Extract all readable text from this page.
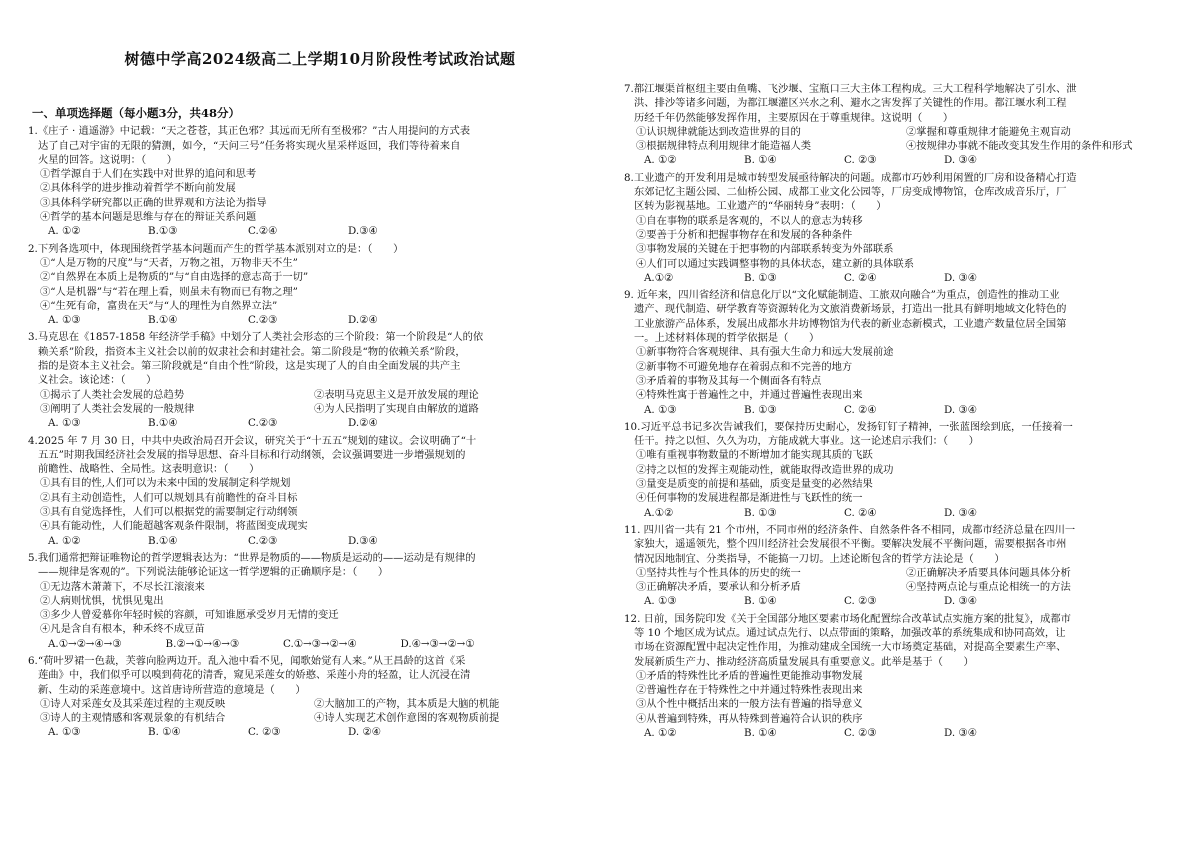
树德中学高2024级高二上学期10月阶段性考试政治试题
一、单项选择题（每小题3分，共48分）
1.《庄子 · 逍遥游》中记载：“天之苍苍，其正色邪？其远而无所有至极邪？”古人用提问的方式表
达了自己对宇宙的无限的猜测，如今，“天问三号”任务将实现火星采样返回，我们等待着来自
火星的回答。这说明：（　　）
①哲学源自于人们在实践中对世界的追问和思考
②具体科学的进步推动着哲学不断向前发展
③具体科学研究都以正确的世界观和方法论为指导
④哲学的基本问题是思维与存在的辩证关系问题
A. ①②	B.①③	C.②④	D.③④
2.下列各选项中，体现围绕哲学基本问题而产生的哲学基本派别对立的是：（　　）
①“人是万物的尺度”与“天者，万物之祖，万物非天不生”
②“自然界在本质上是物质的”与“自由选择的意志高于一切”
③“人是机器”与“若在理上看，则虽未有物而已有物之理”
④“生死有命，富贵在天”与“人的理性为自然界立法”
A. ①③	B.①④	C.②③	D.②④
3.马克思在《1857-1858 年经济学手稿》中划分了人类社会形态的三个阶段：第一个阶段是“人的依
赖关系”阶段，指资本主义社会以前的奴隶社会和封建社会。第二阶段是“物的依赖关系”阶段，
指的是资本主义社会。第三阶段就是“自由个性”阶段，这是实现了人的自由全面发展的共产主
义社会。该论述：（　　）
①揭示了人类社会发展的总趋势	②表明马克思主义是开放发展的理论
③阐明了人类社会发展的一般规律	④为人民指明了实现自由解放的道路
A. ①③	B.①④	C.②③	D.②④
4.2025 年 7 月 30 日，中共中央政治局召开会议，研究关于“十五五”规划的建议。会议明确了“十
五五”时期我国经济社会发展的指导思想、奋斗目标和行动纲领，会议强调要进一步增强规划的
前瞻性、战略性、全局性。这表明意识：（　　）
①具有目的性,人们可以为未来中国的发展制定科学规划
②具有主动创造性，人们可以规划具有前瞻性的奋斗目标
③具有自觉选择性，人们可以根据党的需要制定行动纲领
④具有能动性，人们能超越客观条件限制，将蓝图变成现实
A. ①②	B.①④	C.②③	D.③④
5.我们通常把辩证唯物论的哲学逻辑表达为：“世界是物质的——物质是运动的——运动是有规律的
——规律是客观的”。下列说法能够论证这一哲学逻辑的正确顺序是：（　　）
①无边落木萧萧下，不尽长江滚滚来
②人病则忧惧，忧惧见鬼出
③多少人曾爱慕你年轻时候的容颜，可知谁愿承受岁月无情的变迁
④凡是含自有根本，种禾终不成豆苗
A.①→②→④→③	B.②→①→④→③	C.①→③→②→④	D.④→③→②→①
6.“荷叶罗裙一色裁，芙蓉向脸两边开。乱入池中看不见，闻歌始觉有人来。”从王昌龄的这首《采
莲曲》中，我们似乎可以嗅到荷花的清香，窥见采莲女的娇憨、采莲小舟的轻盈，让人沉浸在清
新、生动的采莲意境中。这首唐诗所营造的意境是（　　）
①诗人对采莲女及其采莲过程的主观反映	②大脑加工的产物，其本质是大脑的机能
③诗人的主观情感和客观景象的有机结合	④诗人实现艺术创作意图的客观物质前提
A. ①③	B. ①④	C. ②③	D. ②④
7.都江堰渠首枢纽主要由鱼嘴、飞沙堰、宝瓶口三大主体工程构成。三大工程科学地解决了引水、泄
洪、排沙等诸多问题，为都江堰灌区兴水之利、避水之害发挥了关键性的作用。都江堰水利工程
历经千年仍然能够发挥作用，主要原因在于尊重规律。这说明（　　）
①认识规律就能达到改造世界的目的	②掌握和尊重规律才能避免主观盲动
③根据规律特点利用规律才能造福人类	④按规律办事就不能改变其发生作用的条件和形式
A. ①②	B. ①④	C. ②③	D. ③④
8.工业遗产的开发利用是城市转型发展亟待解决的问题。成都市巧妙利用闲置的厂房和设备精心打造
东郊记忆主题公园、二仙桥公园、成都工业文化公园等，厂房变成博物馆，仓库改成音乐厅，厂
区转为影视基地。工业遗产的“华丽转身”表明：（　　）
①自在事物的联系是客观的，不以人的意志为转移
②要善于分析和把握事物存在和发展的各种条件
③事物发展的关键在于把事物的内部联系转变为外部联系
④人们可以通过实践调整事物的具体状态，建立新的具体联系
A.①②	B. ①③	C. ②④	D. ③④
9. 近年来，四川省经济和信息化厅以“文化赋能制造、工旅双向融合”为重点，创造性的推动工业
遗产、现代制造、研学教育等资源转化为文旅消费新场景，打造出一批具有鲜明地域文化特色的
工业旅游产品体系，发展出成都水井坊博物馆为代表的新业态新模式，工业遗产数量位居全国第
一。上述材料体现的哲学依据是（　　）
①新事物符合客观规律、具有强大生命力和远大发展前途
②新事物不可避免地存在着弱点和不完善的地方
③矛盾着的事物及其每一个侧面各有特点
④特殊性寓于普遍性之中，并通过普遍性表现出来
A. ①③	B. ①③	C. ②④	D. ③④
10.习近平总书记多次告诫我们，要保持历史耐心，发扬钉钉子精神，一张蓝图绘到底，一任接着一
任干。持之以恒、久久为功，方能成就大事业。这一论述启示我们：（　　）
①唯有重视事物数量的不断增加才能实现其质的飞跃
②持之以恒的发挥主观能动性，就能取得改造世界的成功
③量变是质变的前提和基础，质变是量变的必然结果
④任何事物的发展进程都是渐进性与飞跃性的统一
A.①②	B. ①③	C. ②④	D. ③④
11. 四川省一共有 21 个市州，不同市州的经济条件、自然条件各不相同，成都市经济总量在四川一
家独大，遥遥领先，整个四川经济社会发展很不平衡。要解决发展不平衡问题，需要根据各市州
情况因地制宜、分类指导，不能搞一刀切。上述论断包含的哲学方法论是（　　）
①坚持共性与个性具体的历史的统一	②正确解决矛盾要具体问题具体分析
③正确解决矛盾，要承认和分析矛盾	④坚持两点论与重点论相统一的方法
A. ①③	B. ①④	C. ②③	D. ③④
12. 日前，国务院印发《关于全国部分地区要素市场化配置综合改革试点实施方案的批复》，成都市
等 10 个地区成为试点。通过试点先行、以点带面的策略，加强改革的系统集成和协同高效，让
市场在资源配置中起决定性作用，为推动建成全国统一大市场奠定基础，对提高全要素生产率、
发展新质生产力、推动经济高质量发展具有重要意义。此举是基于（　　）
①矛盾的特殊性比矛盾的普遍性更能推动事物发展
②普遍性存在于特殊性之中并通过特殊性表现出来
③从个性中概括出来的一般方法有普遍的指导意义
④从普遍到特殊，再从特殊到普遍符合认识的秩序
A. ①②	B. ①④	C. ②③	D. ③④
